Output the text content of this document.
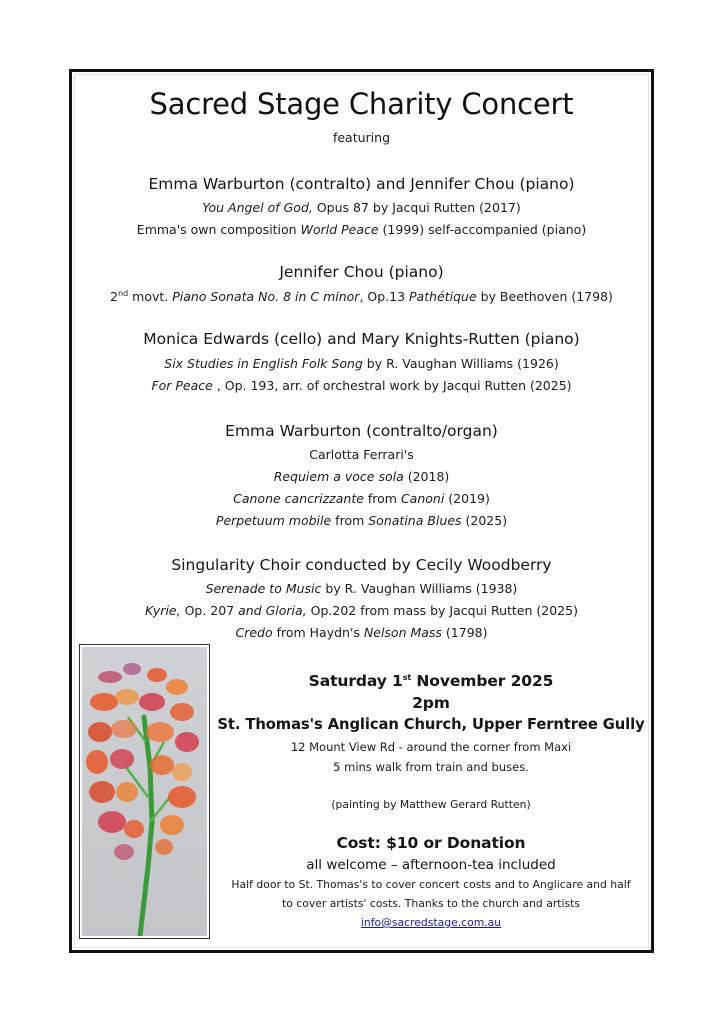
Sacred Stage Charity Concert
featuring
Emma Warburton (contralto) and Jennifer Chou (piano)
You Angel of God, Opus 87 by Jacqui Rutten (2017)
Emma's own composition World Peace (1999) self-accompanied (piano)
Jennifer Chou (piano)
2nd movt. Piano Sonata No. 8 in C minor, Op.13 Pathétique by Beethoven (1798)
Monica Edwards (cello) and Mary Knights-Rutten (piano)
Six Studies in English Folk Song by R. Vaughan Williams (1926)
For Peace , Op. 193, arr. of orchestral work by Jacqui Rutten (2025)
Emma Warburton (contralto/organ)
Carlotta Ferrari's
Requiem a voce sola (2018)
Canone cancrizzante from Canoni (2019)
Perpetuum mobile from Sonatina Blues (2025)
Singularity Choir conducted by Cecily Woodberry
Serenade to Music by R. Vaughan Williams (1938)
Kyrie, Op. 207 and Gloria, Op.202 from mass by Jacqui Rutten (2025)
Credo from Haydn's Nelson Mass (1798)
Saturday 1st November 2025
2pm
St. Thomas's Anglican Church, Upper Ferntree Gully
12 Mount View Rd - around the corner from Maxi
5 mins walk from train and buses.
(painting by Matthew Gerard Rutten)
Cost: $10 or Donation
all welcome – afternoon-tea included
Half door to St. Thomas's to cover concert costs and to Anglicare and half
to cover artists' costs. Thanks to the church and artists
info@sacredstage.com.au
